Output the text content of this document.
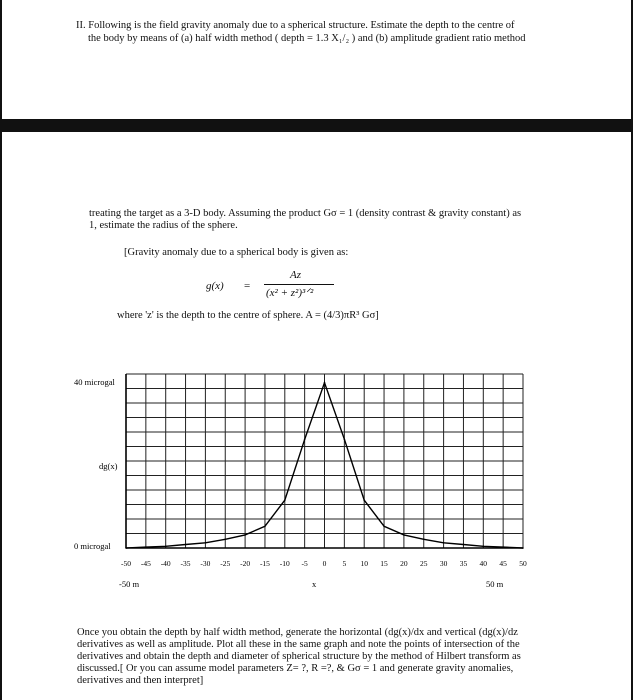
II. Following is the field gravity anomaly due to a spherical structure. Estimate the depth to the centre of
the body by means of (a) half width method ( depth = 1.3 X₁/₂ ) and (b) amplitude gradient ratio method
treating the target as a 3-D body. Assuming the product Gσ = 1 (density contrast & gravity constant) as
1, estimate the radius of the sphere.
[Gravity anomaly due to a spherical body is given as:
g(x) =
Az
(x² + z²)³ᐟ²
where 'z' is the depth to the centre of sphere. A = (4/3)πR³ Gσ]
40 microgal
dg(x)
0 microgal
-50 -45 -40 -35 -30 -25 -20 -15 -10 -5 0 5 10 15 20 25 30 35 40 45 50
-50 m	x	50 m
Once you obtain the depth by half width method, generate the horizontal (dg(x)/dx and vertical (dg(x)/dz
derivatives as well as amplitude. Plot all these in the same graph and note the points of intersection of the
derivatives and obtain the depth and diameter of spherical structure by the method of Hilbert transform as
discussed.[ Or you can assume model parameters Z= ?, R =?, & Gσ = 1 and generate gravity anomalies,
derivatives and then interpret]
